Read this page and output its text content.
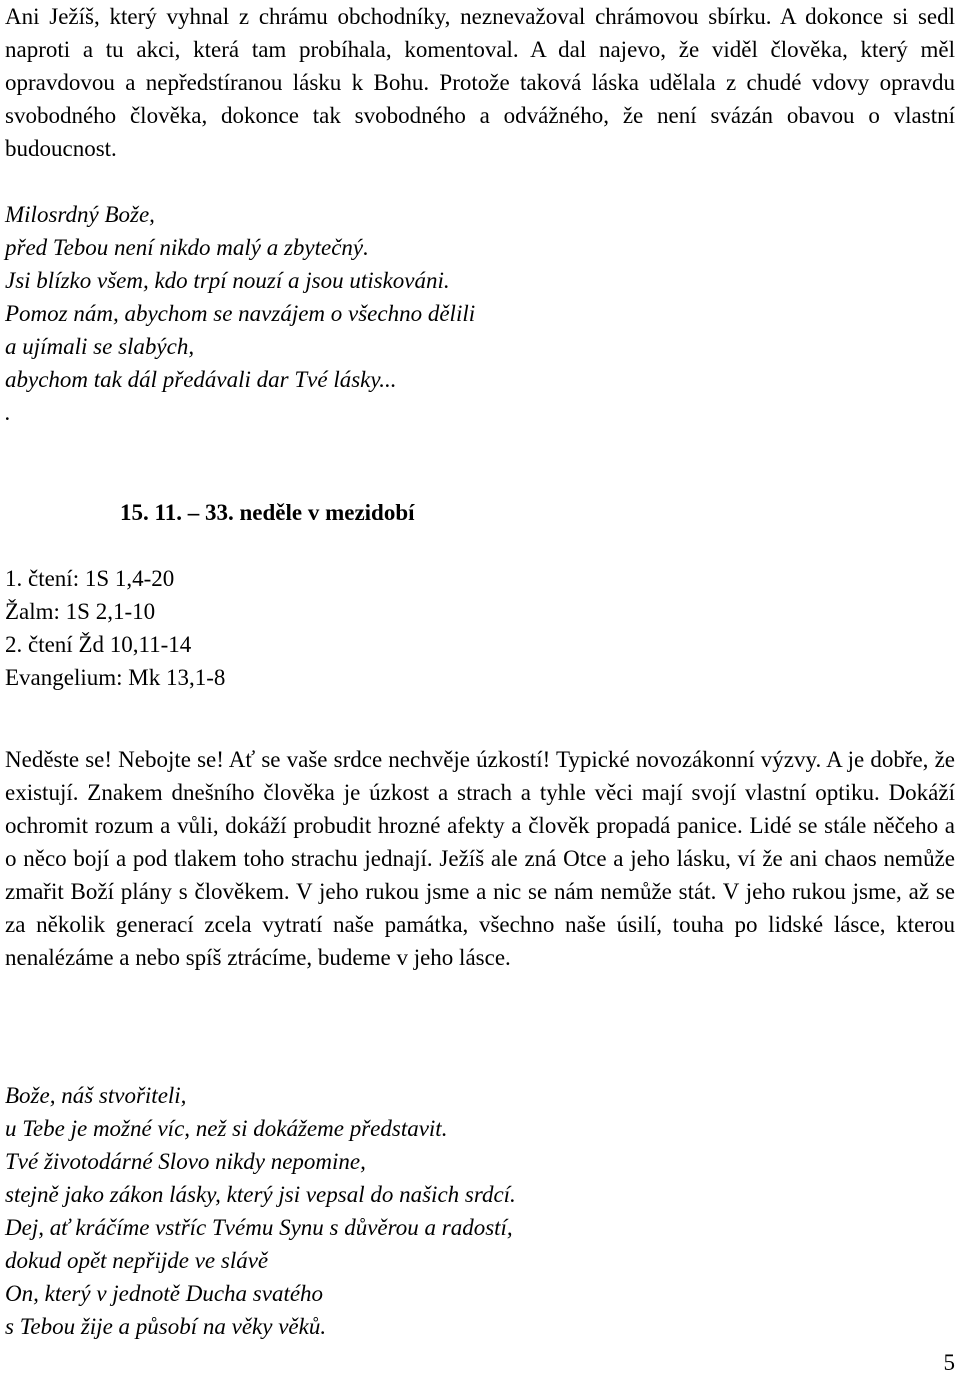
Ani Ježíš, který vyhnal z chrámu obchodníky, neznevažoval chrámovou sbírku. A dokonce si sedl naproti a tu akci, která tam probíhala, komentoval. A dal najevo, že viděl člověka, který měl opravdovou a nepředstíranou lásku k Bohu. Protože taková láska udělala z chudé vdovy opravdu svobodného člověka, dokonce tak svobodného a odvážného, že není svázán obavou o vlastní budoucnost.

Milosrdný Bože,

před Tebou není nikdo malý a zbytečný.

Jsi blízko všem, kdo trpí nouzí a jsou utiskováni.

Pomoz nám, abychom se navzájem o všechno dělili

a ujímali se slabých,

abychom tak dál předávali dar Tvé lásky...

.

15. 11. – 33. neděle v mezidobí

1. čtení: 1S 1,4-20

Žalm: 1S 2,1-10

2. čtení Žd 10,11-14

Evangelium: Mk 13,1-8

Neděste se! Nebojte se! Ať se vaše srdce nechvěje úzkostí! Typické novozákonní výzvy. A je dobře, že existují. Znakem dnešního člověka je úzkost a strach a tyhle věci mají svojí vlastní optiku. Dokáží ochromit rozum a vůli, dokáží probudit hrozné afekty a člověk propadá panice. Lidé se stále něčeho a o něco bojí a pod tlakem toho strachu jednají. Ježíš ale zná Otce a jeho lásku, ví že ani chaos nemůže zmařit Boží plány s člověkem. V jeho rukou jsme a nic se nám nemůže stát. V jeho rukou jsme, až se za několik generací zcela vytratí naše památka, všechno naše úsilí, touha po lidské lásce, kterou nenalézáme a nebo spíš ztrácíme, budeme v jeho lásce.

Bože, náš stvořiteli,

u Tebe je možné víc, než si dokážeme představit.

Tvé životodárné Slovo nikdy nepomine,

stejně jako zákon lásky, který jsi vepsal do našich srdcí.

Dej, ať kráčíme vstříc Tvému Synu s důvěrou a radostí,

dokud opět nepřijde ve slávě

On, který v jednotě Ducha svatého

s Tebou žije a působí na věky věků.

5
